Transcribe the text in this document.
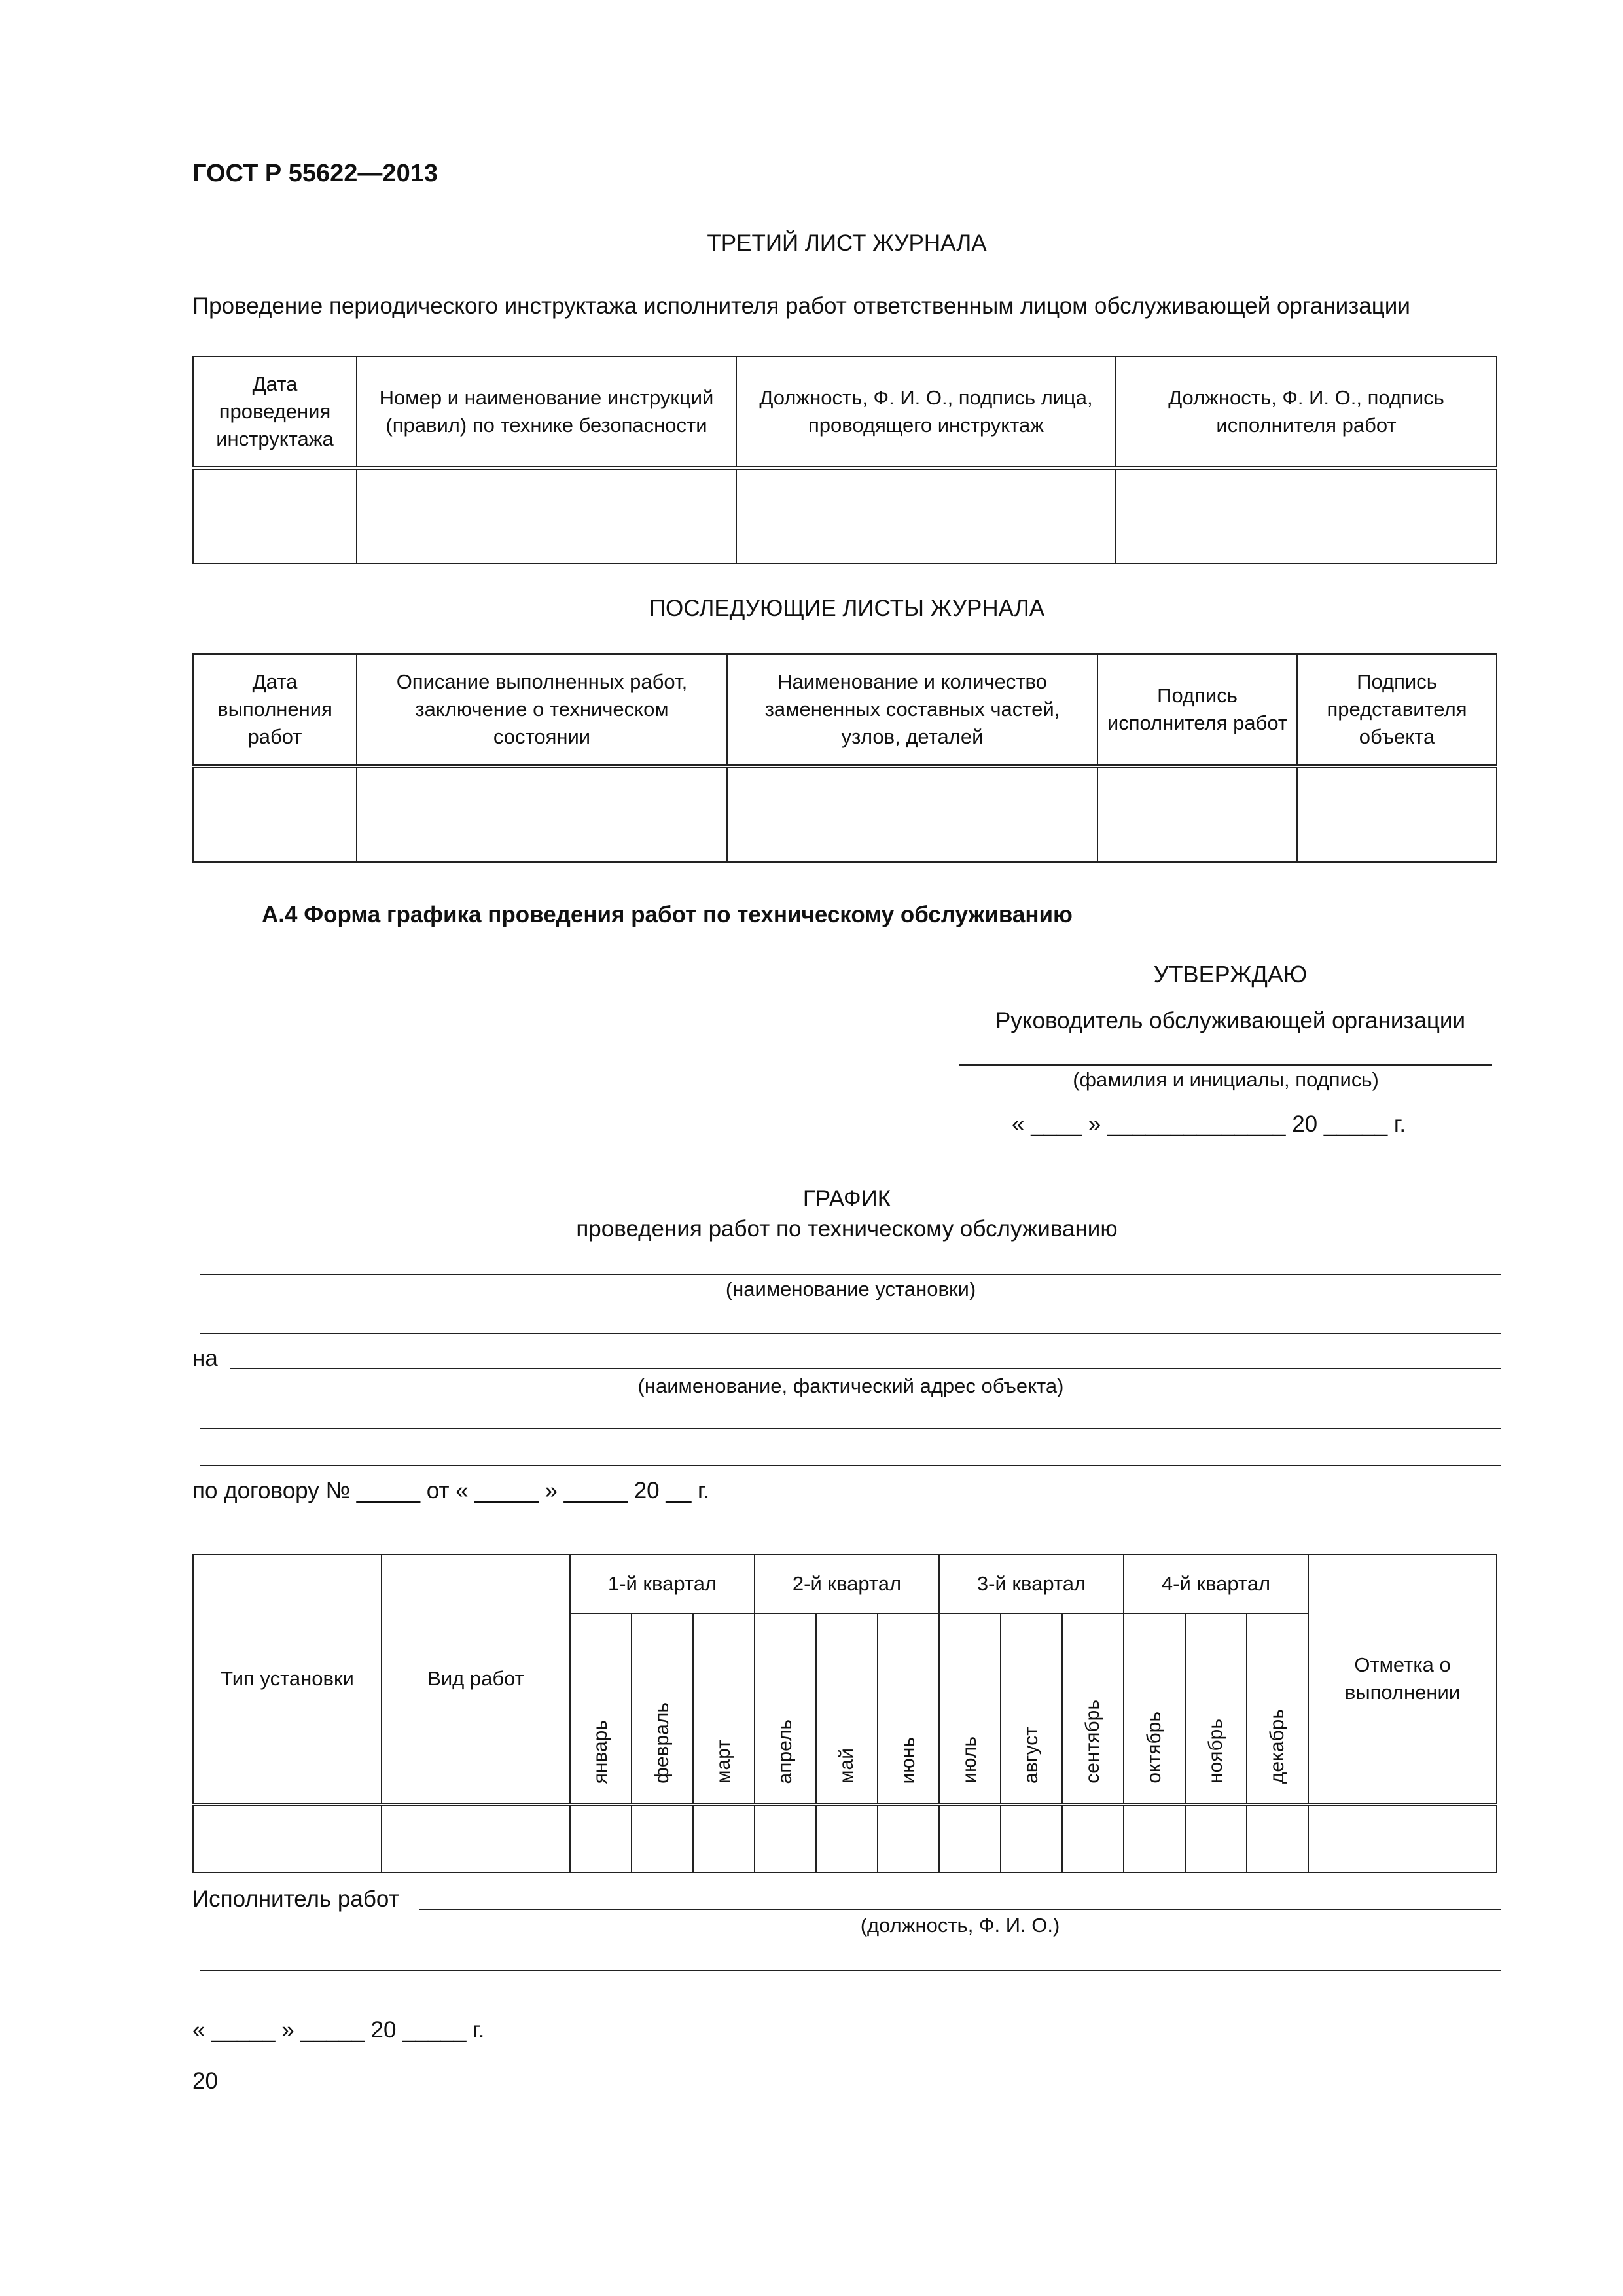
ГОСТ Р 55622—2013
ТРЕТИЙ ЛИСТ ЖУРНАЛА
Проведение периодического инструктажа исполнителя работ ответственным лицом обслуживающей организации
Дата проведения инструктажа	Номер и наименование инструкций (правил) по технике безопасности	Должность, Ф. И. О., подпись лица, проводящего инструктаж	Должность, Ф. И. О., подпись исполнителя работ

ПОСЛЕДУЮЩИЕ ЛИСТЫ ЖУРНАЛА
Дата выполнения работ	Описание выполненных работ, заключение о техническом состоянии	Наименование и количество замененных составных частей, узлов, деталей	Подпись исполнителя работ	Подпись представителя объекта

А.4 Форма графика проведения работ по техническому обслуживанию
УТВЕРЖДАЮ
Руководитель обслуживающей организации
(фамилия и инициалы, подпись)
« ____ » ______________ 20 _____ г.
ГРАФИК
проведения работ по техническому обслуживанию
(наименование установки)
на
(наименование, фактический адрес объекта)
по договору № _____ от « _____ » _____ 20 __ г.
Тип установки	Вид работ	1-й квартал			2-й квартал			3-й квартал			4-й квартал			Отметка о выполнении
		январь	февраль	март	апрель	май	июнь	июль	август	сентябрь	октябрь	ноябрь	декабрь	

Исполнитель работ
(должность, Ф. И. О.)
« _____ » _____ 20 _____ г.
20
